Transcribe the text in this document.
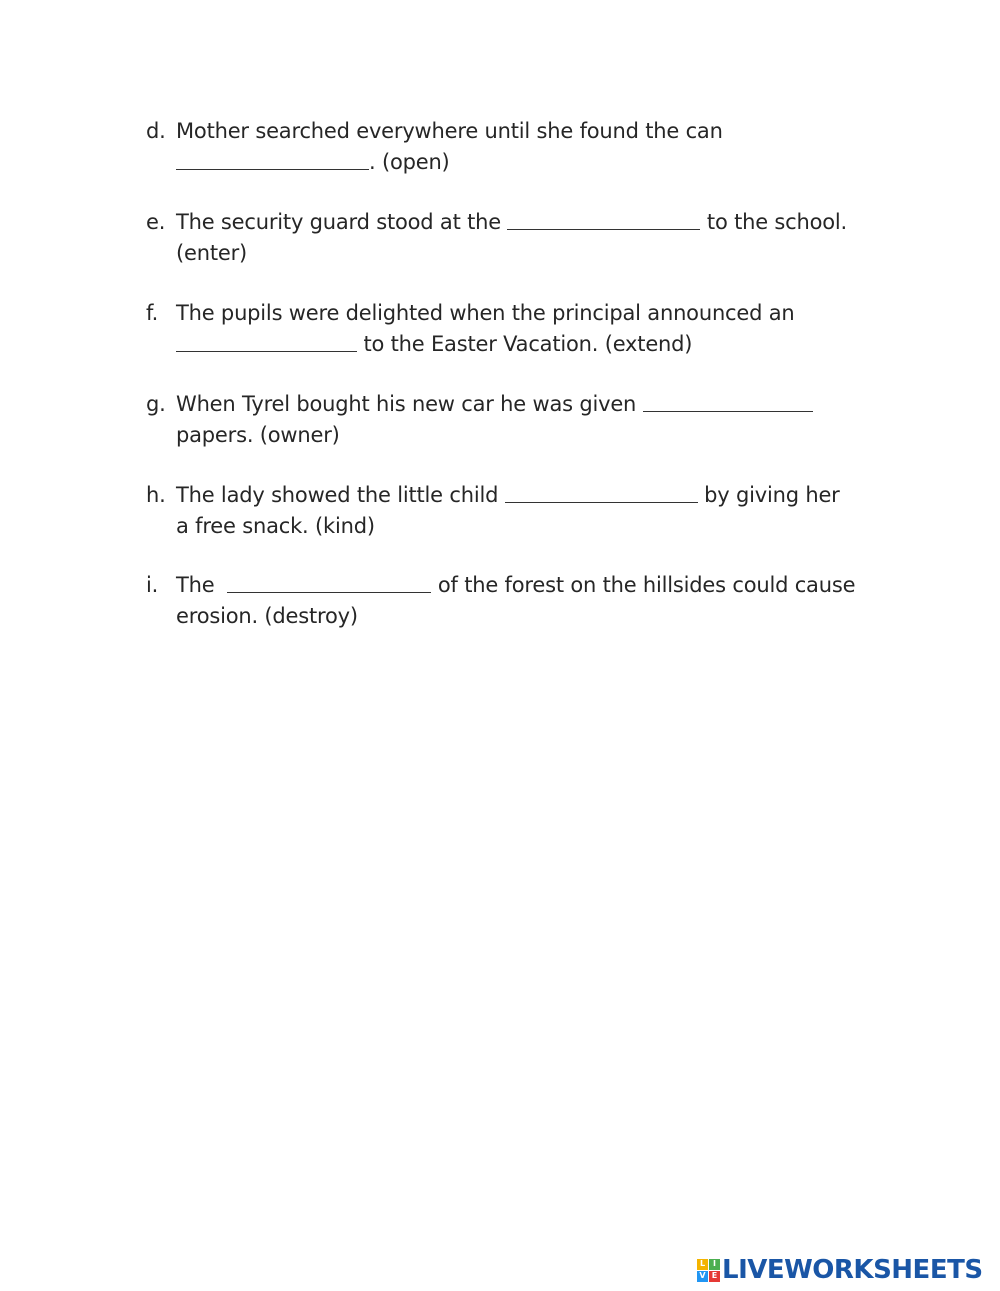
d. Mother searched everywhere until she found the can
. (open)
e. The security guard stood at the	to the school.
(enter)
f. The pupils were delighted when the principal announced an
to the Easter Vacation. (extend)
g. When Tyrel bought his new car he was given
papers. (owner)
h. The lady showed the little child	by giving her
a free snack. (kind)
i. The	of the forest on the hillsides could cause
erosion. (destroy)
L I
V E LIVEWORKSHEETS
